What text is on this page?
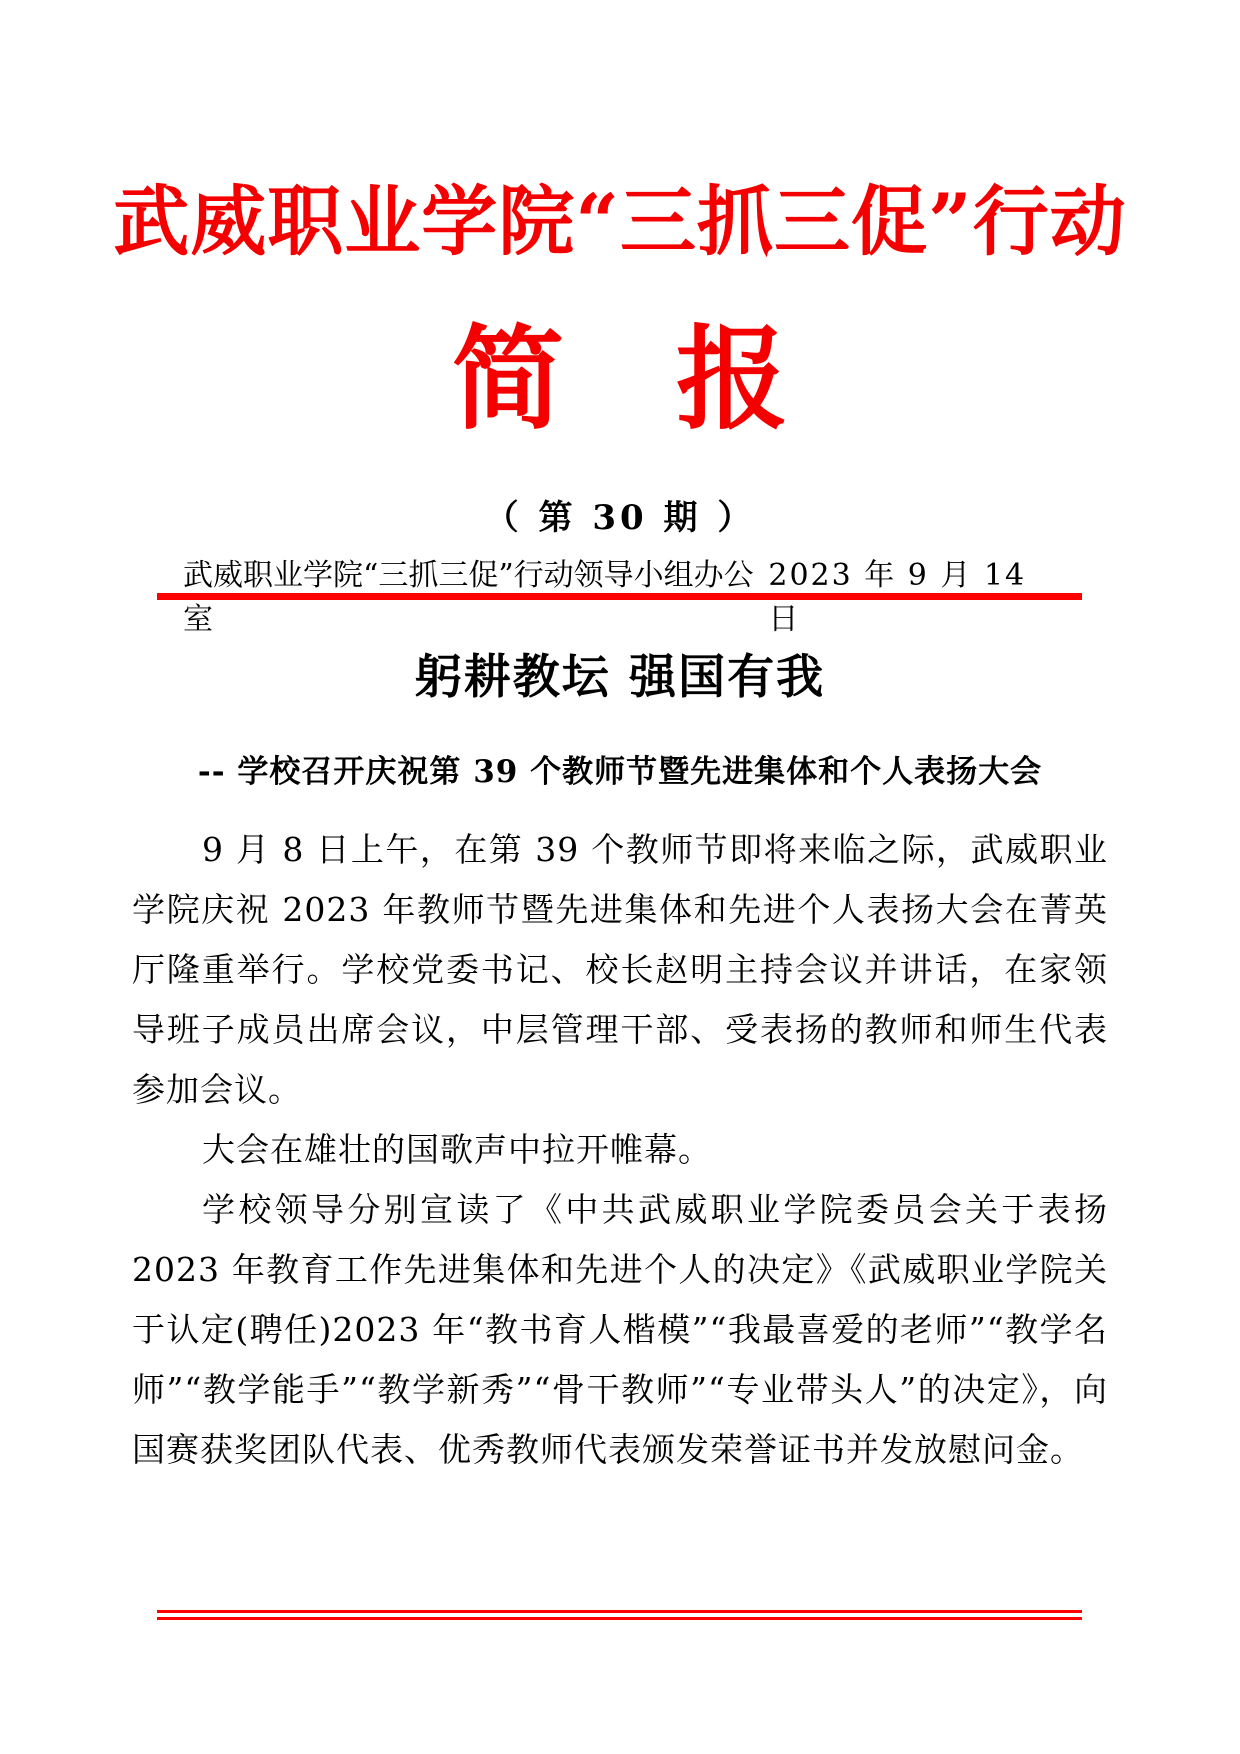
武威职业学院“三抓三促”行动
简 报
（ 第 30 期 ）
武威职业学院“三抓三促”行动领导小组办公室
2023 年 9 月 14 日
躬耕教坛 强国有我
-- 学校召开庆祝第 39 个教师节暨先进集体和个人表扬大会

9 月 8 日上午，在第 39 个教师节即将来临之际，武威职业学院庆祝 2023 年教师节暨先进集体和先进个人表扬大会在菁英厅隆重举行。学校党委书记、校长赵明主持会议并讲话，在家领导班子成员出席会议，中层管理干部、受表扬的教师和师生代表参加会议。

大会在雄壮的国歌声中拉开帷幕。

学校领导分别宣读了《中共武威职业学院委员会关于表扬 2023 年教育工作先进集体和先进个人的决定》《武威职业学院关于认定(聘任)2023 年“教书育人楷模”“我最喜爱的老师”“教学名师”“教学能手”“教学新秀”“骨干教师”“专业带头人”的决定》，向国赛获奖团队代表、优秀教师代表颁发荣誉证书并发放慰问金。
